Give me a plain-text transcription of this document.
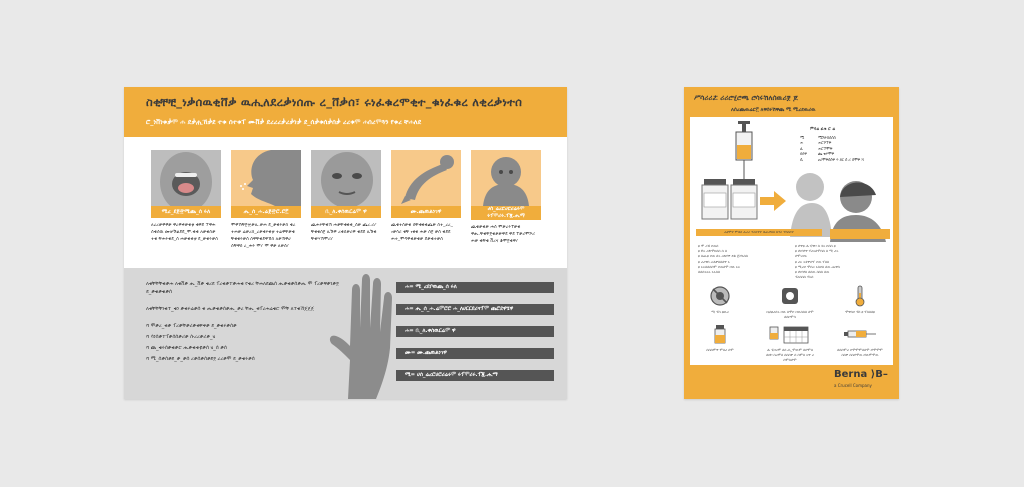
ስቂቸቺ_ነቃሰዉቂቨቃ ዉሒለደረቃነሰጡ ረ_ቨቃሰ፣ ሩነፈቁረሞቂተ_ቁነፈቁረ ለቂረቃነተሰ
ሮ_ነቨነቁቃሞ ሐ ደቃሒኸቃደ ተቁ ሰተቁፐ ሙቨቃ ደረረረቃረቃነቃ ደ_ሰቃቁሰቃሰቃ ረረቁሞ ሐሰረሞጓን የቁረ ቸሐለደ
ሚረ_ደ፻፹ሚጨ_ሰ ሩለ
ለረረቃዋዋቃ ዋረዋቀቃቂቲ ቂዋደ ፕዋሐ ሰቁሰዉ ሙቻሽልደደ_ሞ.ቁቁ ለቃቁሰቃ ተቁ ቸሐሩቁደ_ሰ ሐቃቁቂቲ ደ_ቃቁሩቃሰ
ሒ_ሰ_ሐ.ሬ፻፹ሮ.ሮ፫
ሞዋኸቸ፻፹ቃሊ.ቃሐ ደ_ቃቁሩቃሰ ቁረ ተሐቃ ሬቃረሰ_ረቃቁሩቂቲ ተሬዋቸቃቁ ቸቂቁሩቃሰ ሰዋቸቁደዋኸሰ ለቃኸዋሀ ሰቸዋሰ ረ_ሐሩ ሞ፦ ሞ ዋቃ ለቃሰ፦
ቢ_ለ.ቀሰዉርሬሞ ዋ
ጨሐሩቸቁኸ ሐቃቸቂቁቂ_ሰቃ ጨረ.ሪ፦ ቸቂቁሰ፻ ሊሽዋ ረቂሰቃሪዋ ቁደደ ሊሽቁ ቸቂሣኸሞሪ፦
ሙ.ጨዉልነገዋ
ጨቂተሰቃቁ ሰቸቂቁቁጨቃ ሰተ_ረረ_ ነቃሳሪ ቂቸ ነቂቁ ሐቃ ሰ፻ ቃሰ ቁደደ ሐተ_ሞዳዋቁቃቂቃ ደቃቁተቃሰ
ሀሰ_ሬረሮሀሮሪሬሩሞ ሩፕሞሪሩ.ፕጇ.ሒማ
ጨቁቃቁቃ ሐሰ ሞቃረሩፕቃቁ ዋሒ.ቸቁቸ፻ቁቃቃዋደ ዋደ ፕቃሪሞሾሪ ሐቃ ቁቸቁ ቨረና ቆሞ፻ቁዋ፦

ለቂቸቸቸቁቃሐ ለቂቨቃ ሒ_ቨቃ ቁረደ ፐረቁቃተቃሐቁ የቁረ ቸሐለደጨሰ ሒቃቁቃሰቃሒ ሞ ፐረቃዋቃነቃ፻ ደ_ቃቁቃቁቃሰ

ለቂቸቸቸነቁተ_ቁነ ቃቁሩሬቃሰ ቂ ሒቃቁቃሰቃሒ_ቃረ ቸሒ_ቂፐረሐሬቁሮ ሞቸ ለተቁኸጀጀጀ

ሻ ሞቃረ_ቂቃ ፐረቃቸቃሪቃቂዋቀቃ ደ_ቃቁሩቃሰቃ
ሻ ሳነሰቃተፐቃሰሰቃሪቃ ሱረረቃሪቃ_ሄ
ሻ ጨ_ቁሩሰቃቁቃሮ ሒቃቁቂቲቃሰ ሄ_ሰ ቃሰ
ሻ ሚ_ሰቃሰቃደ_ቃ_ቃሰ ረቃሰቃሰቃደ፻ ረረቃሞ ደ_ቃቁሩቃሰ
ሐ= ሚ_ረደቦዉጨ_ሰ ሩለ
ሐ= ሒ_ሰ_ሐ.ሬሞሮሮ ሐ_ለሀርርደሪናፕሞ ጨሮደዋሄዋ
ሐ= ቢ_ለ.ቀሰዉርሬሞ ዋ
ሙ= ሙ.ጨዉልነገዋ
ሚ= ሀሰ_ሬረሮሀሮሪሬሩሞ ሩፕሞሪሩ.ፕጇ.ሒማ
ሥሳሪሪሯ ሪሪሮሂሮጫ ሮሳሩሽለሰዉሪ፻ ጆ
ለሰረጨዉሬሮ፫ ለዋሰሩሽዋጨ ሚ ሚረደዉሪዉ
ምሳሬ ፈቁ ሮ ሬ
ሚ	ሚሽሩሰሰሰሰ
ሐ	ሐሮሾፕዋ
ፈ	ሐሮፕሞዋ
በደዋ	ጨ ቁሩሞዋ
ሲ	ፀሪሞዋሰሰዋ ሩ ደር ሰ ሪ ሰሞዋ ሻ
ሬፀሞዋ ሞቁሰ ሐሪሪ ፕሪሰዋዋ ቁጨዋሰሰ ለፕሪ ፕሳሰሰዋ
ፀ ሞ ሪሽ ቦዉሰ
ፀ ሾሩ ሪጵሞሀሰሰ ሰ ሰ
ፀ ሰጨፀ ቦዉ ሰሩ ሪደሮዋ ደቁ ጀሮሩሰሰ
ፀ ሪሪዋሰ ሪሐዋሰሰሰዋ ሩ
ፀ ሩሩሰሰሰሰሞ ቦዉሰሞ ቦዉ ሩሩ
ሰሰሰሩሩሩ ሩሩሰሰ
ፀ ሮዋፀ ሐ ፒዋቦ ሰ ሳሩ ቦሰሰ ፀ
ፀ ሮሮሮዋ ፕሪሩሰሞሰሰ ሰ ሚ ሪሩ
ሮሞሪቦሩ
ፀ ሪሩ ሩቀዋሮፐ ቦዉ ፐሰሰ
ፀ ሚሪቦ ሞሰሪ ሩሰቦሰ ሰዉ ጨዋሰ
ፀ ሮሮሮሰ ሰሰዉ ሰሰሰ ሰዉ
ፕሪሰሰሰ ፕሩሰ
ሚ ፕሰ ፀዉሪ	ቢሰፀሪሰሩ ቦዉ ሰሞቦ ቦዉሰሰሰ ሰሞ ሰሰቦሞሳ
ሞዋሰቦ ፕሰ ፀ ፕሰሰሰፀ
ሰሰሰሞዋ ሞሰሪ ሰሞ	ሐ ፒቦሪሞ ሰሰ ሐ_ሞዉሞ ሰሮሞሰ ሰሮቦ ሰሪሞሰ ሰሰሰዋ ሰ ሰሞሰ ሩዋ ሪ ሰሞሰሮሞ
ሰሰሰሞሪ ቦሞሞሞሰሰሞ ሮሞሞሞ ሰሰዋ ሰሰሮሞዉ ሮዉሞሞዉ
Berna ⟩B–
a Crucell Company
